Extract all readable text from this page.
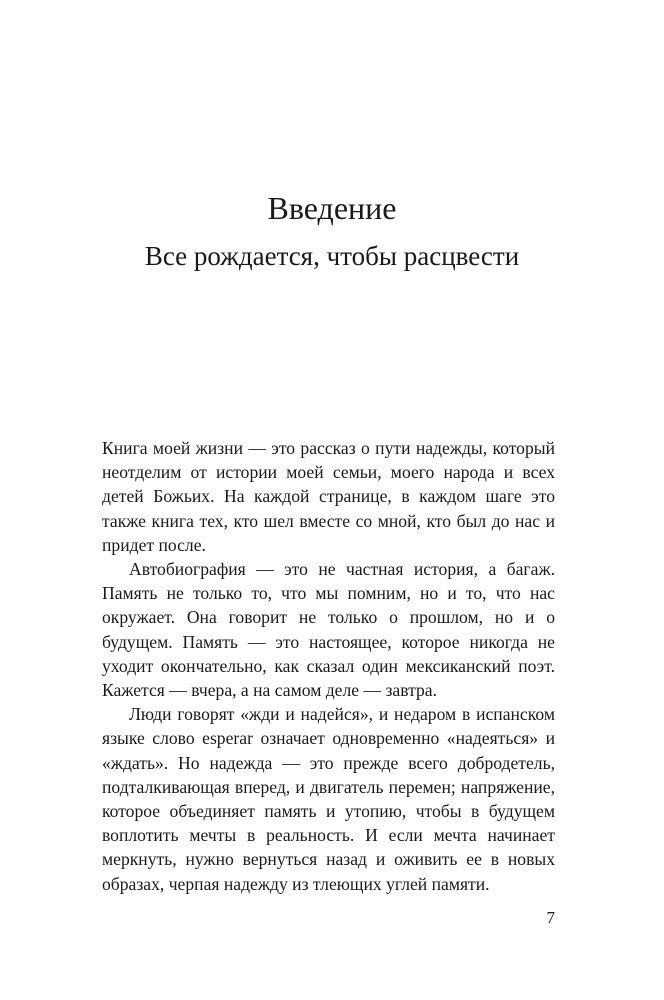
Введение
Все рождается, чтобы расцвести

Книга моей жизни — это рассказ о пути надежды, который неотделим от истории моей семьи, моего народа и всех детей Божьих. На каждой странице, в каждом шаге это также книга тех, кто шел вместе со мной, кто был до нас и придет после.

Автобиография — это не частная история, а багаж. Память не только то, что мы помним, но и то, что нас окружает. Она говорит не только о прошлом, но и о будущем. Память — это настоящее, которое никогда не уходит окончательно, как сказал один мексиканский поэт. Кажется — вчера, а на самом деле — завтра.

Люди говорят «жди и надейся», и недаром в испанском языке слово esperar означает одновременно «надеяться» и «ждать». Но надежда — это прежде всего добродетель, подталкивающая вперед, и двигатель перемен; напряжение, которое объединяет память и утопию, чтобы в будущем воплотить мечты в реальность. И если мечта начинает меркнуть, нужно вернуться назад и оживить ее в новых образах, черпая надежду из тлеющих углей памяти.

7
